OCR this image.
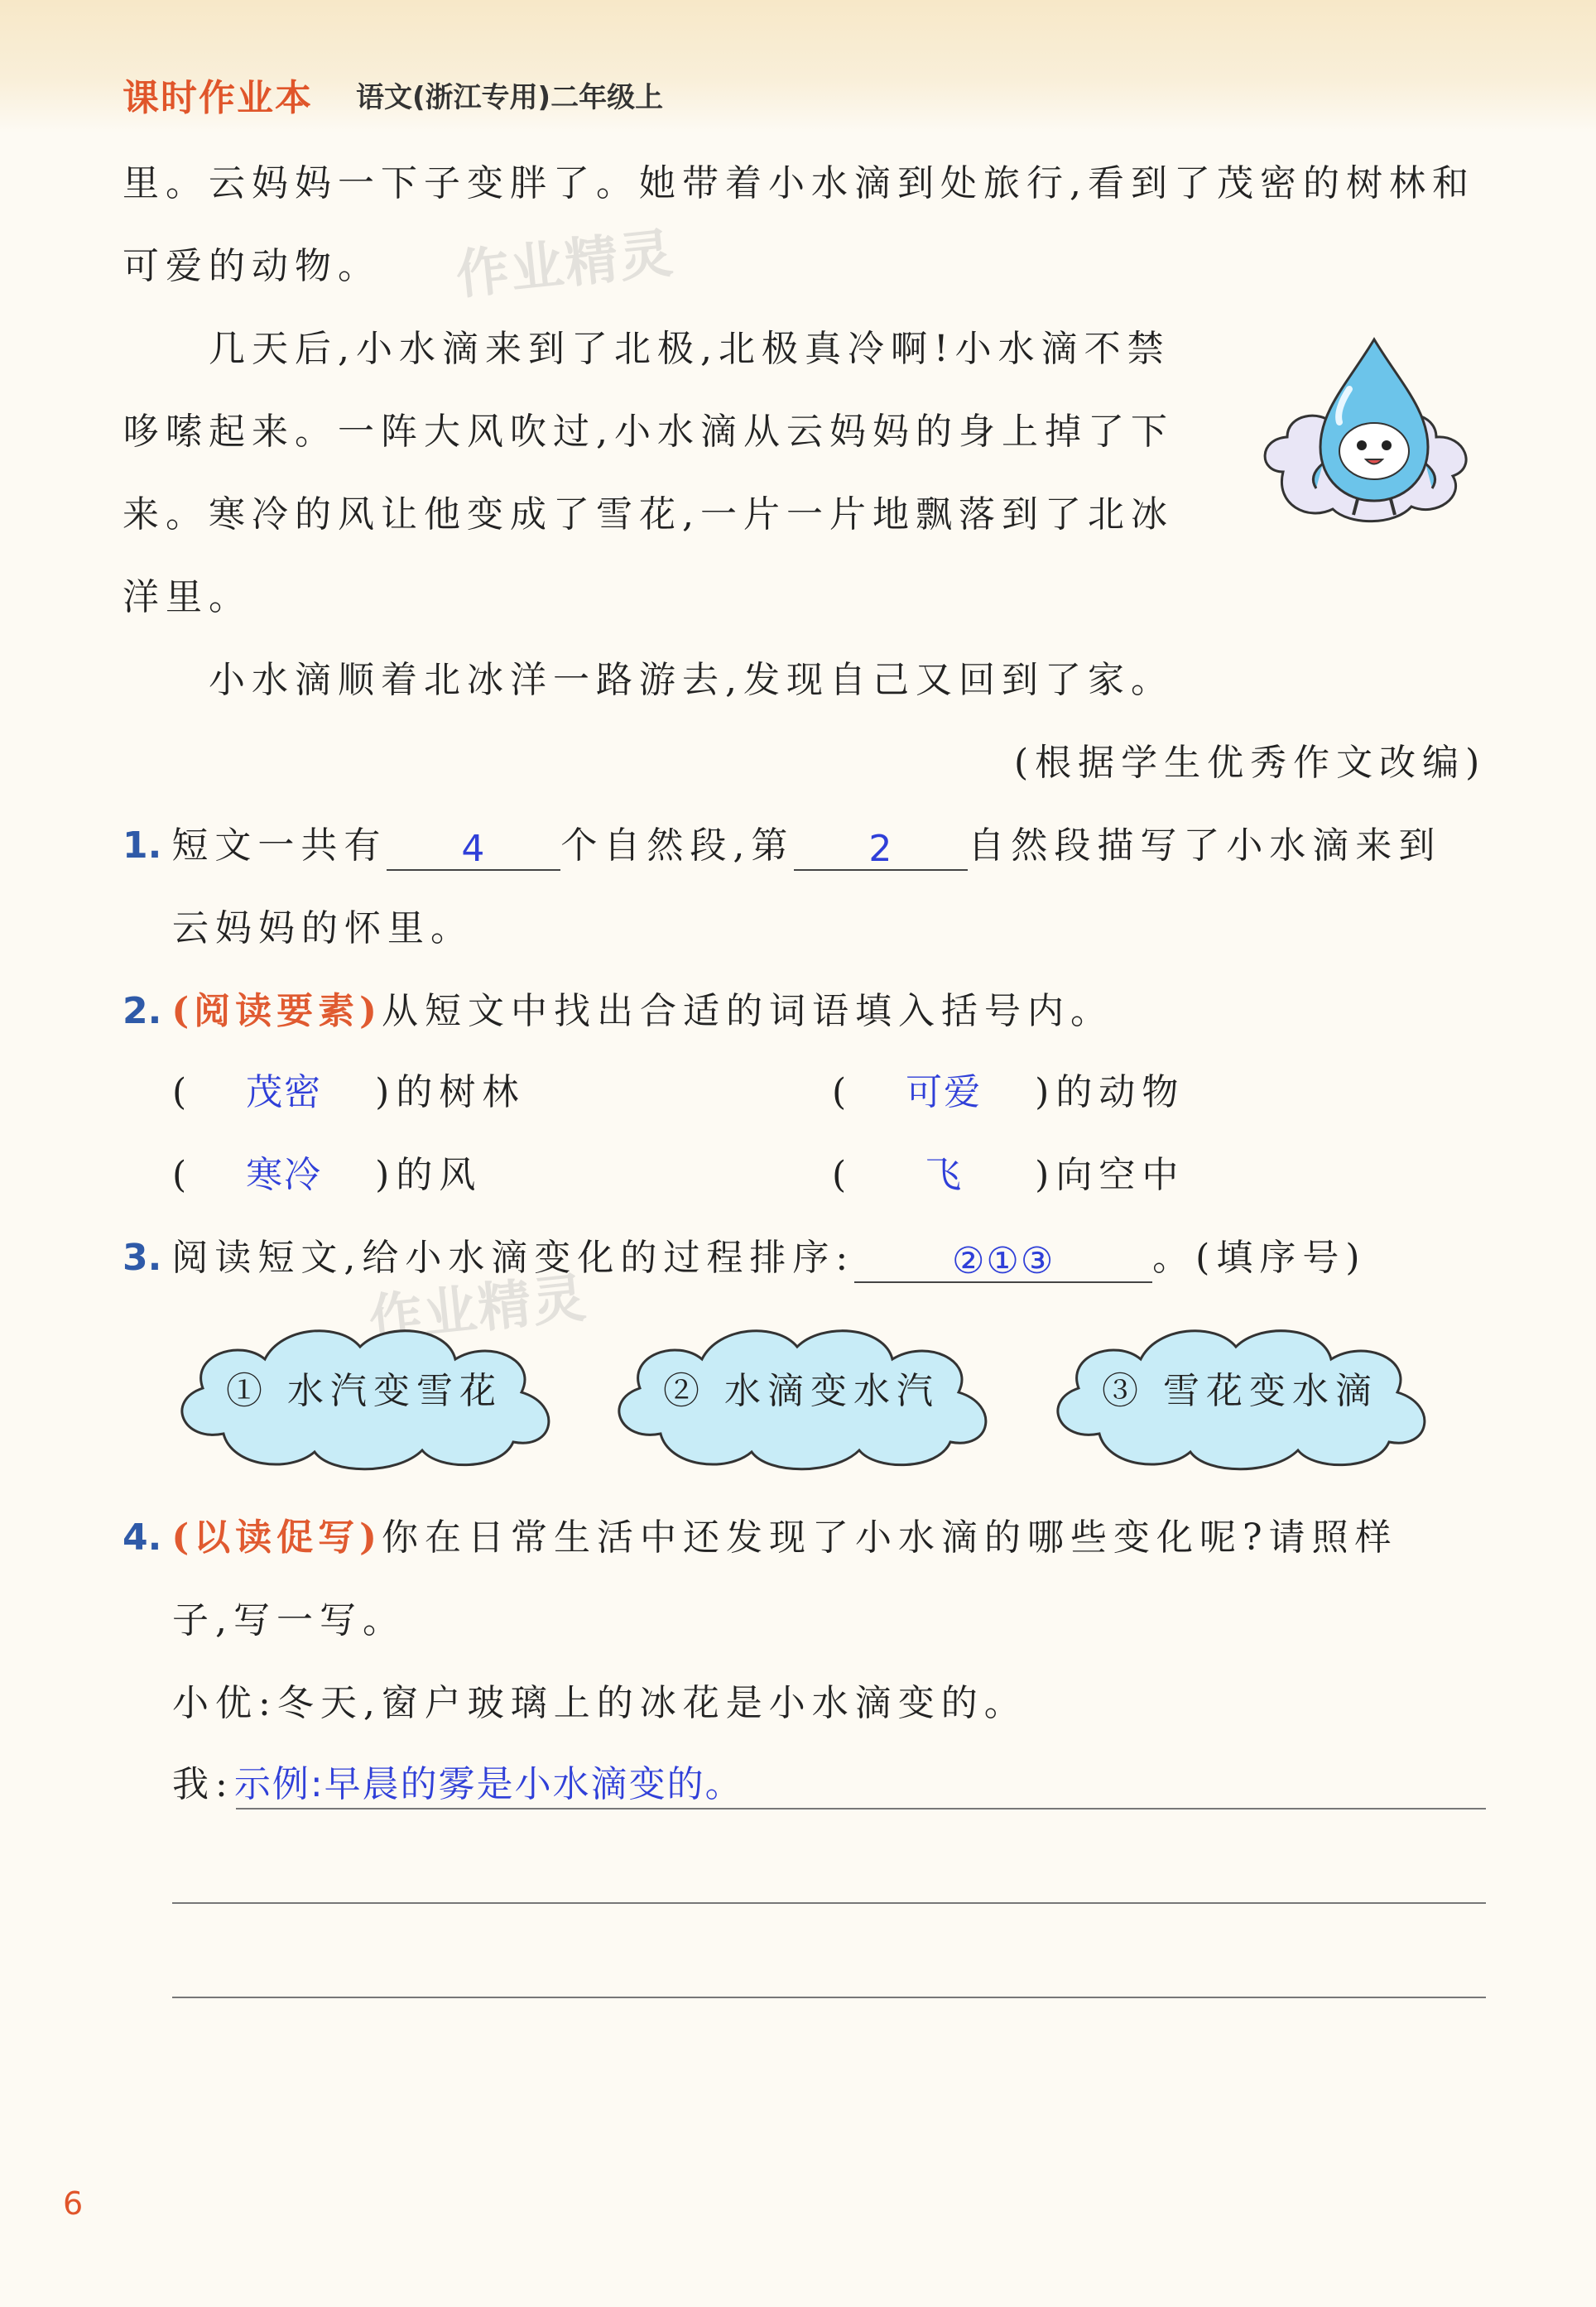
课时作业本 语文(浙江专用)二年级上
里。云妈妈一下子变胖了。她带着小水滴到处旅行,看到了茂密的树林和
可爱的动物。 作业精灵
几天后,小水滴来到了北极,北极真冷啊!小水滴不禁
哆嗦起来。一阵大风吹过,小水滴从云妈妈的身上掉了下
来。寒冷的风让他变成了雪花,一片一片地飘落到了北冰
洋里。
小水滴顺着北冰洋一路游去,发现自己又回到了家。
(根据学生优秀作文改编)
1. 短文一共有 4 个自然段,第 2 自然段描写了小水滴来到
云妈妈的怀里。
2. (阅读要素)从短文中找出合适的词语填入括号内。
( 茂密 )的树林	( 可爱 )的动物
( 寒冷 )的风	( 飞 )向空中
3. 阅读短文,给小水滴变化的过程排序:	②①③	。(填序号)
作业精灵
① 水汽变雪花	② 水滴变水汽	③ 雪花变水滴
4. (以读促写)你在日常生活中还发现了小水滴的哪些变化呢?请照样
子,写一写。
小优:冬天,窗户玻璃上的冰花是小水滴变的。
我:示例:早晨的雾是小水滴变的。
6
